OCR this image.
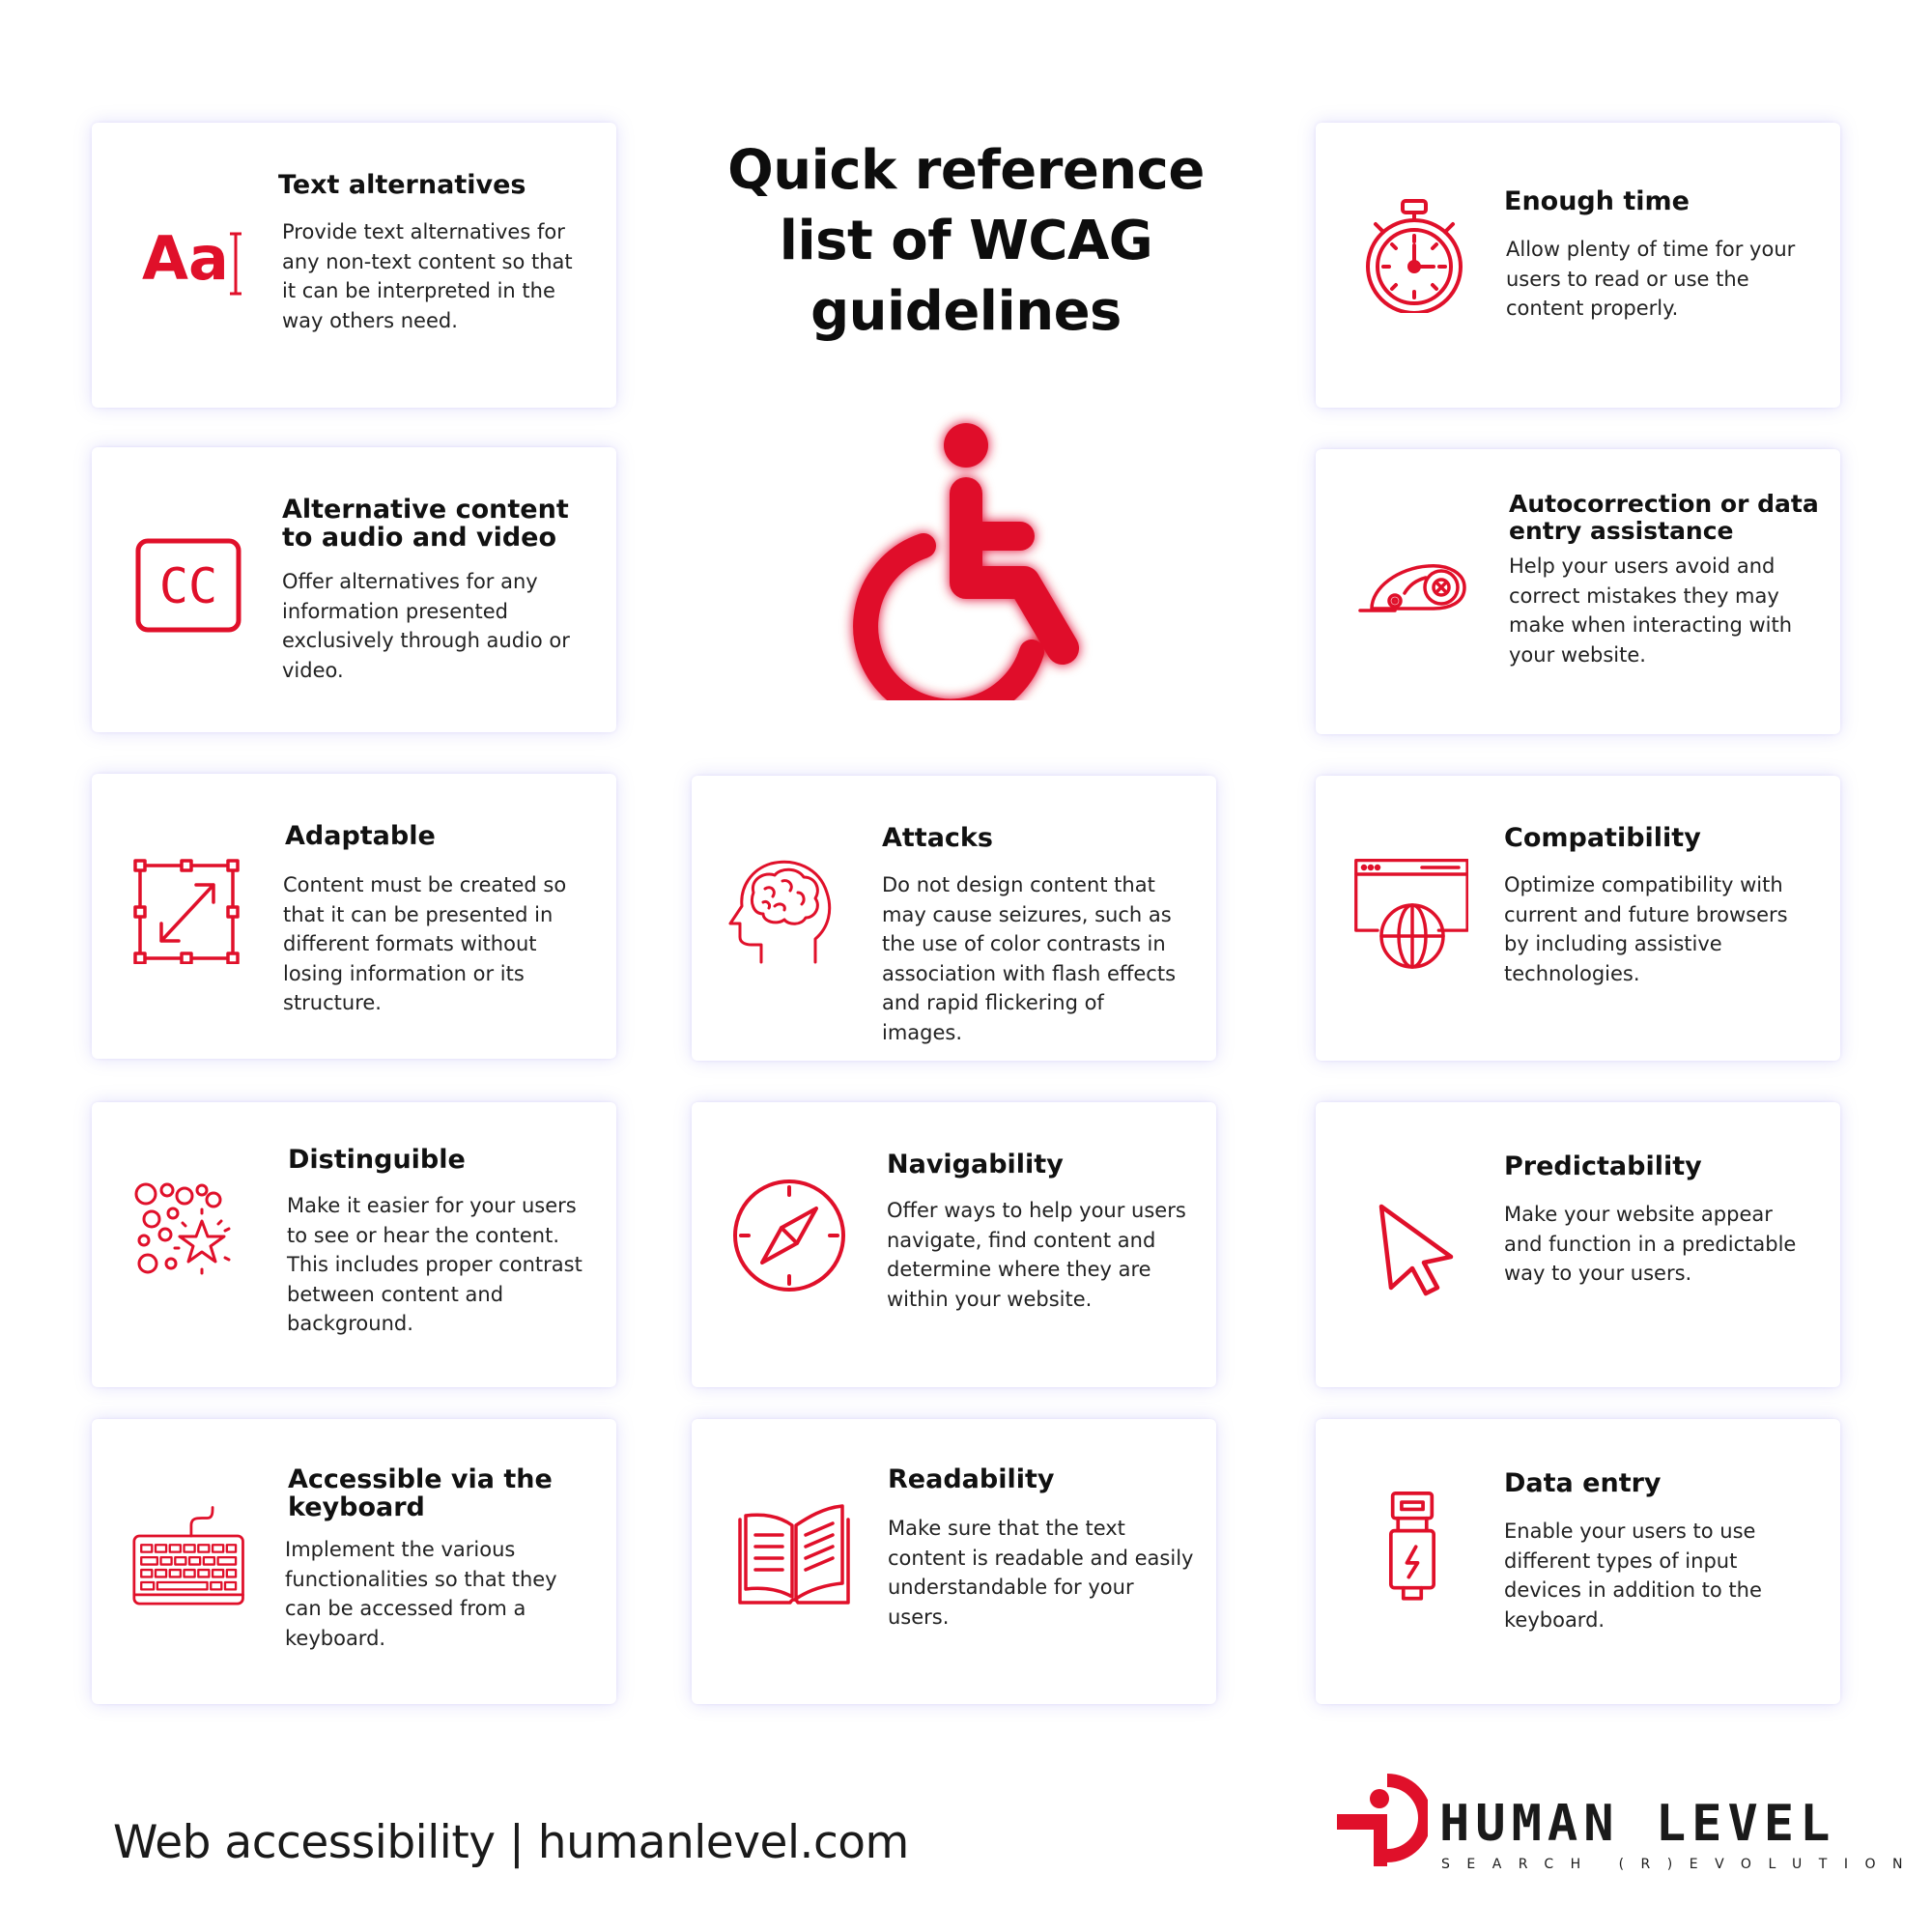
Quick reference
list of WCAG
guidelines
Aa
Text alternatives
Provide text alternatives for any non-text content so that it can be interpreted in the way others need.
Enough time
Allow plenty of time for your users to read or use the content properly.
CC
Alternative content to audio and video
Offer alternatives for any information presented exclusively through audio or video.
Autocorrection or data entry assistance
Help your users avoid and correct mistakes they may make when interacting with your website.
Adaptable
Content must be created so that it can be presented in different formats without losing information or its structure.
Attacks
Do not design content that may cause seizures, such as the use of color contrasts in association with flash effects and rapid flickering of images.
Compatibility
Optimize compatibility with current and future browsers by including assistive technologies.
Distinguible
Make it easier for your users to see or hear the content. This includes proper contrast between content and background.
Navigability
Offer ways to help your users navigate, find content and determine where they are within your website.
Predictability
Make your website appear and function in a predictable way to your users.
Accessible via the keyboard
Implement the various functionalities so that they can be accessed from a keyboard.
Readability
Make sure that the text content is readable and easily understandable for your users.
Data entry
Enable your users to use different types of input devices in addition to the keyboard.
Web accessibility | humanlevel.com	HUMAN LEVEL
SEARCH (R)EVOLUTION
